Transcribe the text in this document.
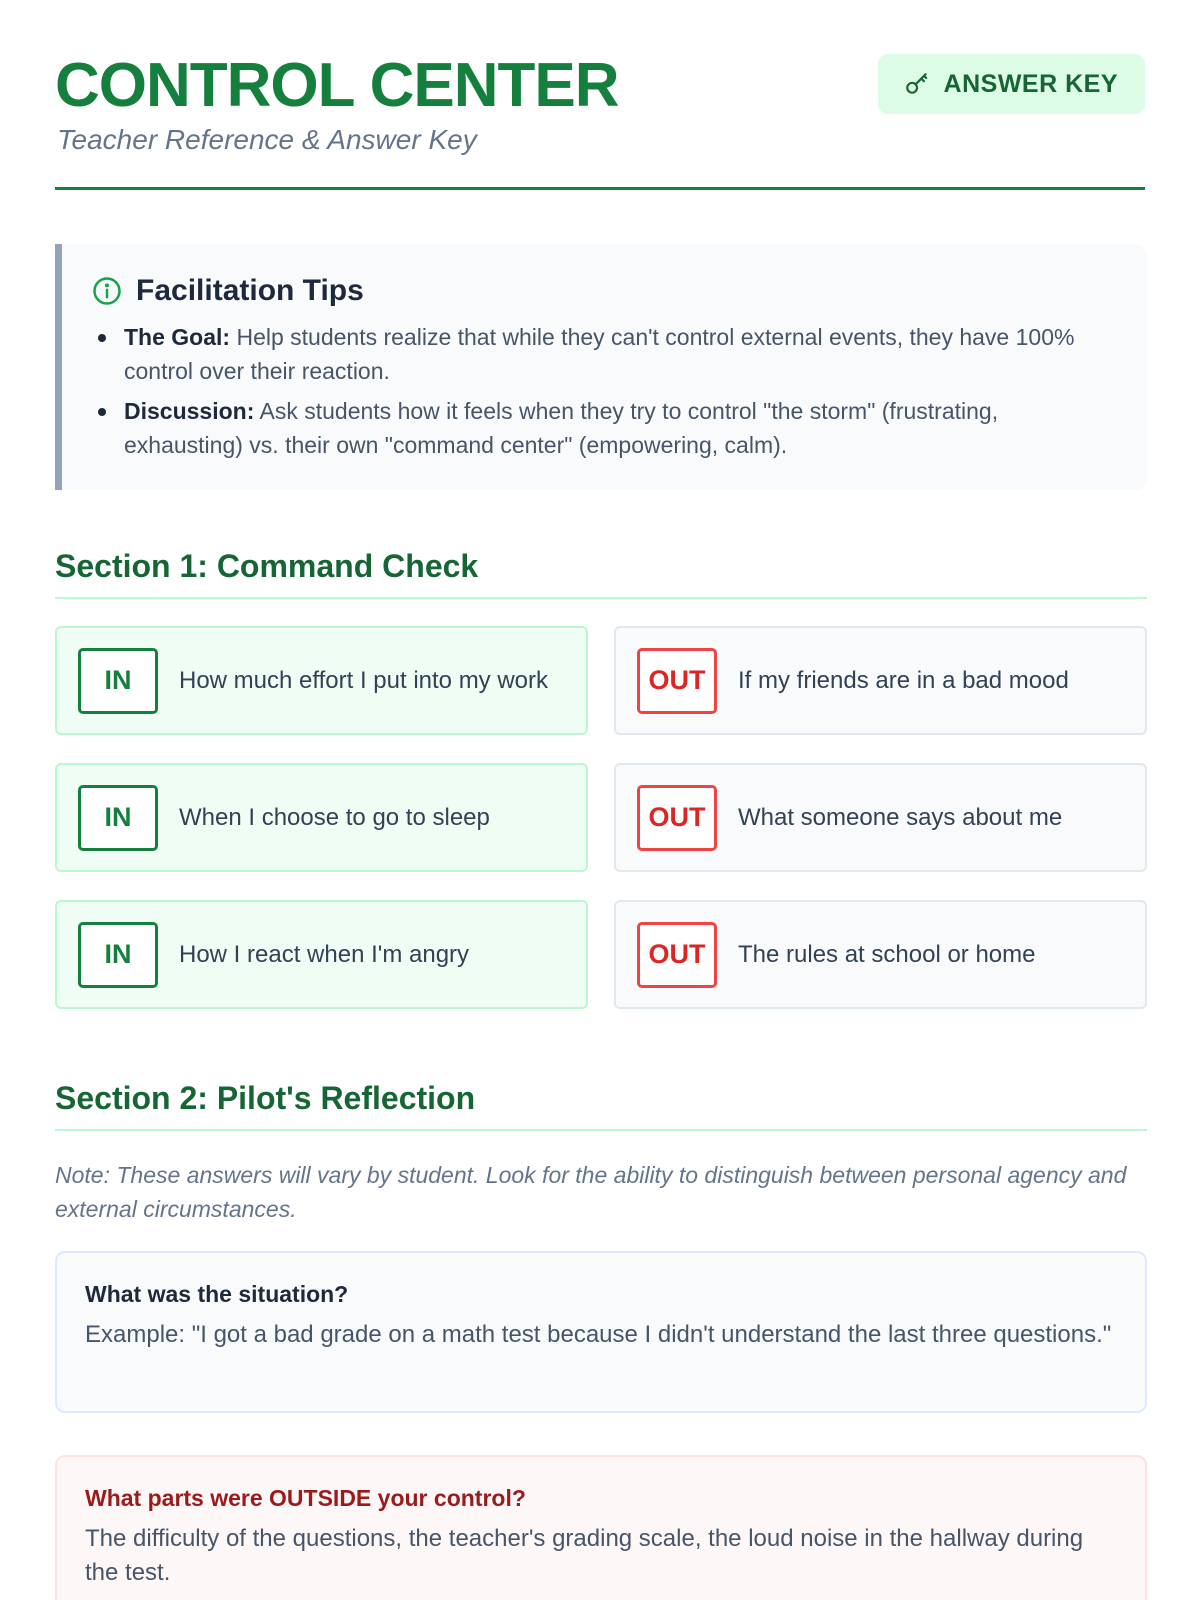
CONTROL CENTER
Teacher Reference & Answer Key
ANSWER KEY
Facilitation Tips
The Goal: Help students realize that while they can't control external events, they have 100% control over their reaction.
Discussion: Ask students how it feels when they try to control "the storm" (frustrating, exhausting) vs. their own "command center" (empowering, calm).
Section 1: Command Check
IN	How much effort I put into my work	OUT	If my friends are in a bad mood
IN	When I choose to go to sleep	OUT	What someone says about me
IN	How I react when I'm angry	OUT	The rules at school or home
Section 2: Pilot's Reflection

Note: These answers will vary by student. Look for the ability to distinguish between personal agency and external circumstances.

What was the situation?
Example: "I got a bad grade on a math test because I didn't understand the last three questions."
What parts were OUTSIDE your control?
The difficulty of the questions, the teacher's grading scale, the loud noise in the hallway during the test.
